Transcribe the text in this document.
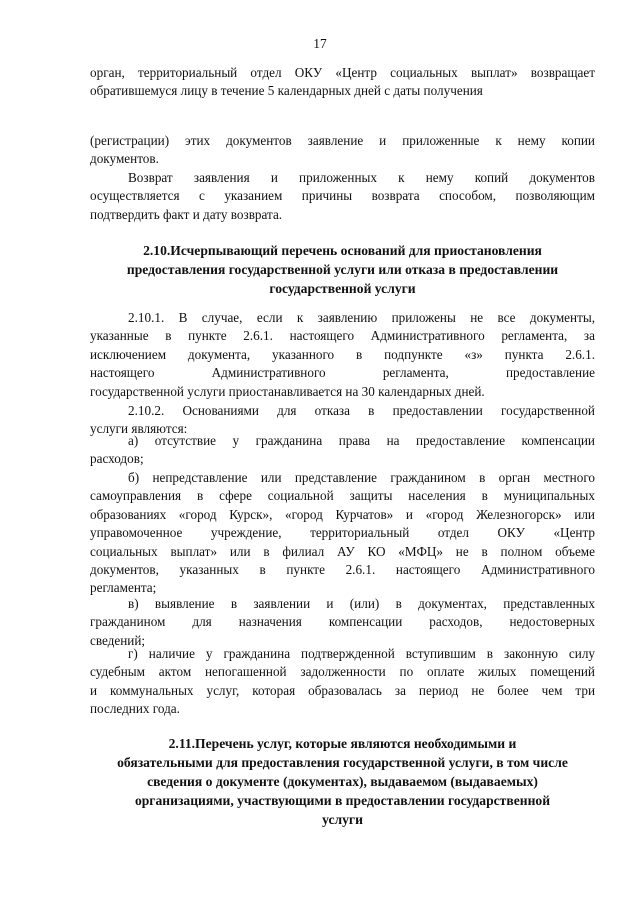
17
орган, территориальный отдел ОКУ «Центр социальных выплат» возвращает
обратившемуся лицу в течение 5 календарных дней с даты получения
(регистрации) этих документов заявление и приложенные к нему копии
документов.
Возврат заявления и приложенных к нему копий документов
осуществляется с указанием причины возврата способом, позволяющим
подтвердить факт и дату возврата.
2.10.Исчерпывающий перечень оснований для приостановления
предоставления государственной услуги или отказа в предоставлении
государственной услуги
2.10.1. В случае, если к заявлению приложены не все документы,
указанные в пункте 2.6.1. настоящего Административного регламента, за
исключением документа, указанного в подпункте «з» пункта 2.6.1.
настоящего Административного регламента, предоставление
государственной услуги приостанавливается на 30 календарных дней.
2.10.2. Основаниями для отказа в предоставлении государственной
услуги являются:
а) отсутствие у гражданина права на предоставление компенсации
расходов;
б) непредставление или представление гражданином в орган местного
самоуправления в сфере социальной защиты населения в муниципальных
образованиях «город Курск», «город Курчатов» и «город Железногорск» или
управомоченное учреждение, территориальный отдел ОКУ «Центр
социальных выплат» или в филиал АУ КО «МФЦ» не в полном объеме
документов, указанных в пункте 2.6.1. настоящего Административного
регламента;
в) выявление в заявлении и (или) в документах, представленных
гражданином для назначения компенсации расходов, недостоверных
сведений;
г) наличие у гражданина подтвержденной вступившим в законную силу
судебным актом непогашенной задолженности по оплате жилых помещений
и коммунальных услуг, которая образовалась за период не более чем три
последних года.
2.11.Перечень услуг, которые являются необходимыми и
обязательными для предоставления государственной услуги, в том числе
сведения о документе (документах), выдаваемом (выдаваемых)
организациями, участвующими в предоставлении государственной
услуги
